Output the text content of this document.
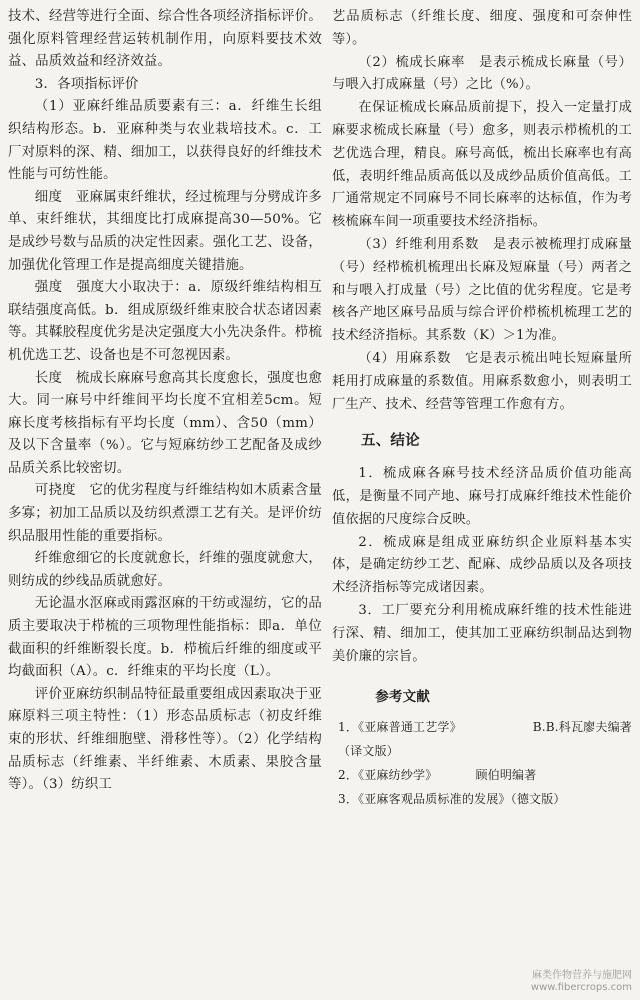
技术、经营等进行全面、综合性各项经济指标评价。强化原料管理经营运转机制作用，向原料要技术效益、品质效益和经济效益。

3．各项指标评价

（1）亚麻纤维品质要素有三：a．纤维生长组织结构形态。b．亚麻种类与农业栽培技术。c．工厂对原料的深、精、细加工，以获得良好的纤维技术性能与可纺性能。

细度　亚麻属束纤维状，经过梳理与分劈成许多单、束纤维状，其细度比打成麻提高30—50%。它是成纱号数与品质的决定性因素。强化工艺、设备，加强优化管理工作是提高细度关键措施。

强度　强度大小取决于：a．原级纤维结构相互联结强度高低。b．组成原级纤维束胶合状态诸因素等。其鞣胶程度优劣是决定强度大小先决条件。栉梳机优选工艺、设备也是不可忽视因素。

长度　梳成长麻麻号愈高其长度愈长，强度也愈大。同一麻号中纤维间平均长度不宜相差5cm。短麻长度考核指标有平均长度（mm）、含50（mm）及以下含量率（%）。它与短麻纺纱工艺配备及成纱品质关系比较密切。

可挠度　它的优劣程度与纤维结构如木质素含量多寡；初加工品质以及纺织煮漂工艺有关。是评价纺织品服用性能的重要指标。

纤维愈细它的长度就愈长，纤维的强度就愈大，则纺成的纱线品质就愈好。

无论温水沤麻或雨露沤麻的干纺或湿纺，它的品质主要取决于栉梳的三项物理性能指标：即a．单位截面积的纤维断裂长度。b．栉梳后纤维的细度或平均截面积（A）。c．纤维束的平均长度（L）。

评价亚麻纺织制品特征最重要组成因素取决于亚麻原料三项主特性：（1）形态品质标志（初皮纤维束的形状、纤维细胞壁、滑移性等）。（2）化学结构品质标志（纤维素、半纤维素、木质素、果胶含量等）。（3）纺织工

艺品质标志（纤维长度、细度、强度和可奈伸性等）。

（2）梳成长麻率　是表示梳成长麻量（号）与喂入打成麻量（号）之比（%）。

在保证梳成长麻品质前提下，投入一定量打成麻要求梳成长麻量（号）愈多，则表示栉梳机的工艺优选合理，精良。麻号高低，梳出长麻率也有高低，表明纤维品质高低以及成纱品质价值高低。工厂通常规定不同麻号不同长麻率的达标值，作为考核梳麻车间一项重要技术经济指标。

（3）纤维利用系数　是表示被梳理打成麻量（号）经栉梳机梳理出长麻及短麻量（号）两者之和与喂入打成量（号）之比值的优劣程度。它是考核各产地区麻号品质与综合评价栉梳机梳理工艺的技术经济指标。其系数（K）＞1为准。

（4）用麻系数　它是表示梳出吨长短麻量所耗用打成麻量的系数值。用麻系数愈小，则表明工厂生产、技术、经营等管理工作愈有方。

五、结论

1．梳成麻各麻号技术经济品质价值功能高低，是衡量不同产地、麻号打成麻纤维技术性能价值依据的尺度综合反映。

2．梳成麻是组成亚麻纺织企业原料基本实体，是确定纺纱工艺、配麻、成纱品质以及各项技术经济指标等完成诸因素。

3．工厂要充分利用梳成麻纤维的技术性能进行深、精、细加工，使其加工亚麻纺织制品达到物美价廉的宗旨。

参考文献

1．《亚麻普通工艺学》	B.B.科瓦廖夫编著

（译文版）

2．《亚麻纺纱学》	顾伯明编著

3．《亚麻客观品质标准的发展》（德文版）

麻类作物营养与施肥网
www.fibercrops.com
